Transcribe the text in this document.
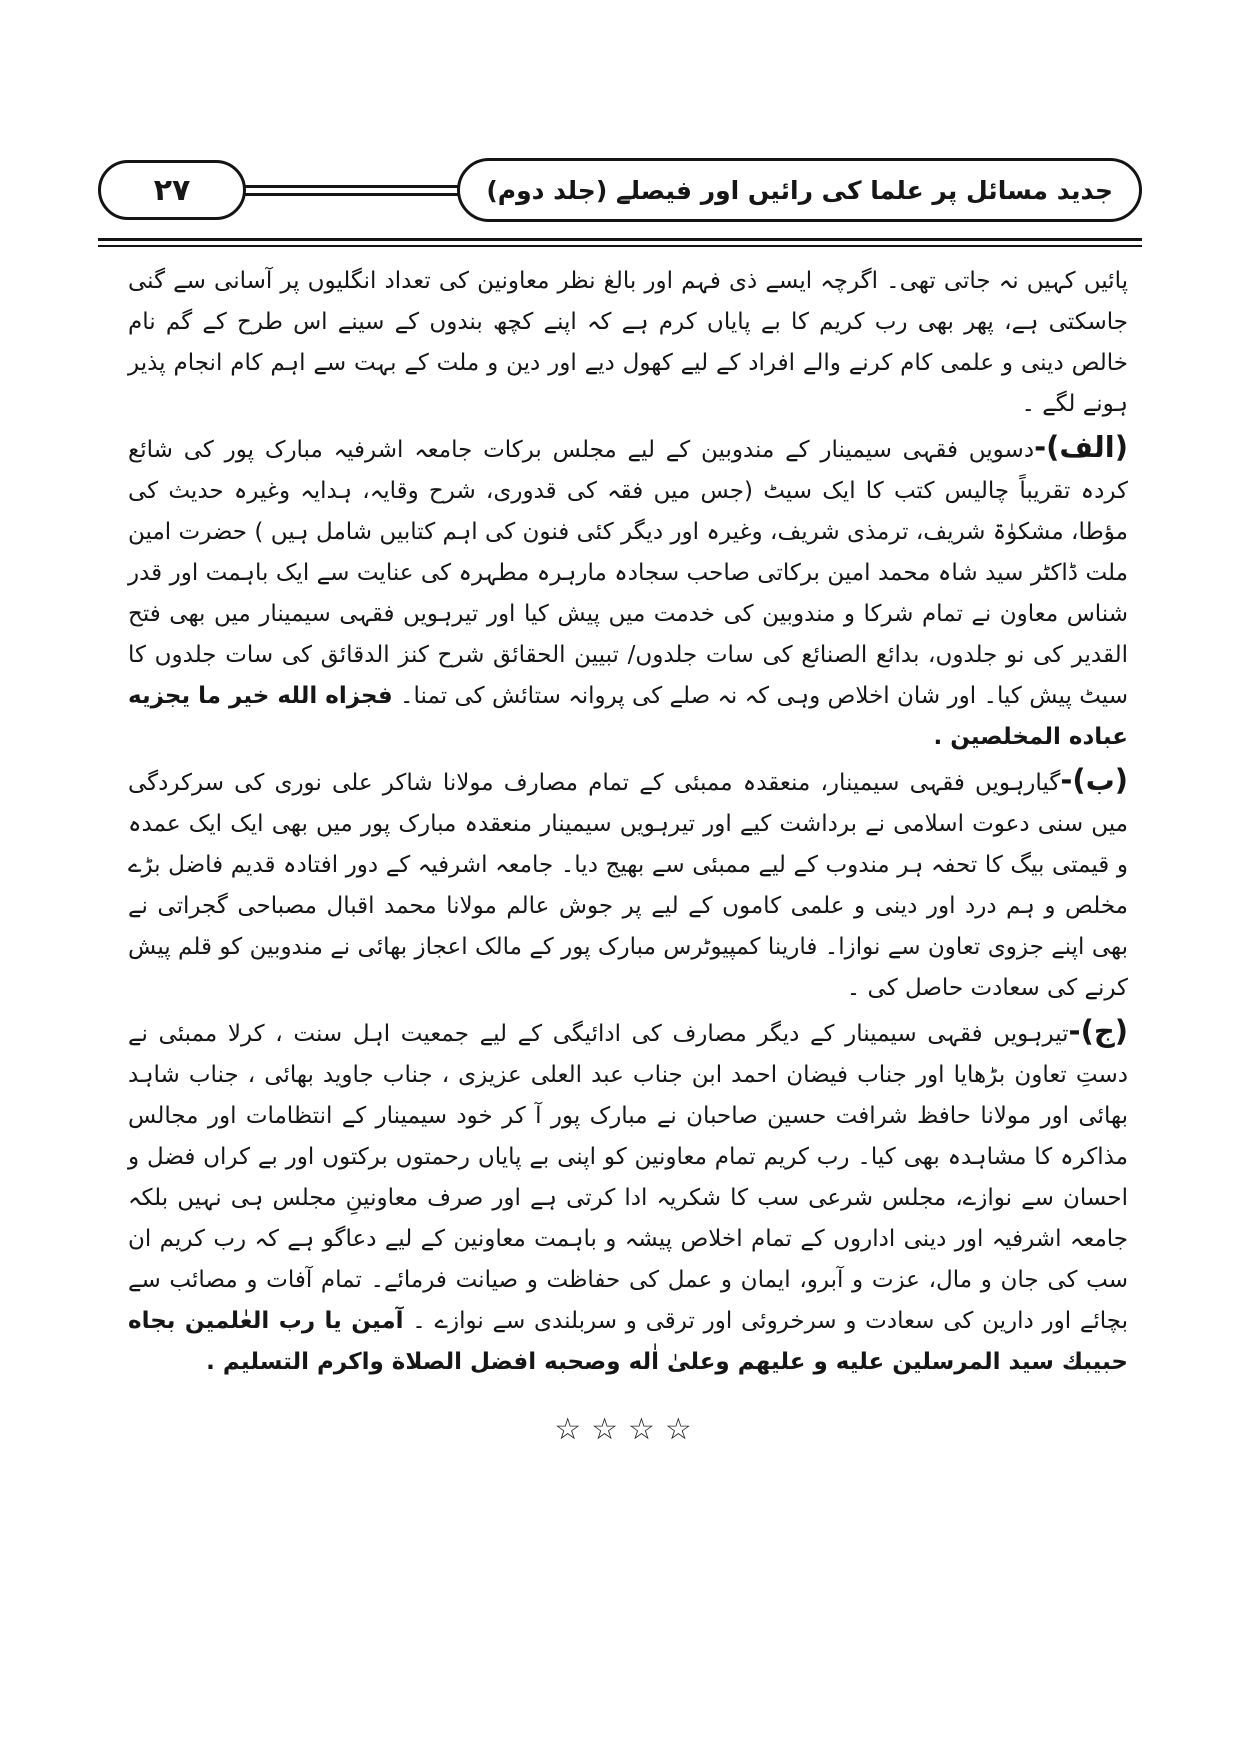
۲۷	جدید مسائل پر علما کی رائیں اور فیصلے (جلد دوم)

پائیں کہیں نہ جاتی تھی۔ اگرچہ ایسے ذی فہم اور بالغ نظر معاونین کی تعداد انگلیوں پر آسانی سے گنی جاسکتی ہے، پھر بھی رب کریم کا بے پایاں کرم ہے کہ اپنے کچھ بندوں کے سینے اس طرح کے گم نام خالص دینی و علمی کام کرنے والے افراد کے لیے کھول دیے اور دین و ملت کے بہت سے اہم کام انجام پذیر ہونے لگے ۔

(الف)-دسویں فقہی سیمینار کے مندوبین کے لیے مجلس برکات جامعہ اشرفیہ مبارک پور کی شائع کردہ تقریباً چالیس کتب کا ایک سیٹ (جس میں فقہ کی قدوری، شرح وقایہ، ہدایہ وغیرہ حدیث کی مؤطا، مشکوٰۃ شریف، ترمذی شریف، وغیرہ اور دیگر کئی فنون کی اہم کتابیں شامل ہیں ) حضرت امین ملت ڈاکٹر سید شاہ محمد امین برکاتی صاحب سجادہ مارہرہ مطہرہ کی عنایت سے ایک باہمت اور قدر شناس معاون نے تمام شرکا و مندوبین کی خدمت میں پیش کیا اور تیرہویں فقہی سیمینار میں بھی فتح القدیر کی نو جلدوں، بدائع الصنائع کی سات جلدوں/ تبیین الحقائق شرح کنز الدقائق کی سات جلدوں کا سیٹ پیش کیا۔ اور شان اخلاص وہی کہ نہ صلے کی پروانہ ستائش کی تمنا۔ فجزاه الله خير ما يجزيه عباده المخلصين .

(ب)-گیارہویں فقہی سیمینار، منعقدہ ممبئی کے تمام مصارف مولانا شاکر علی نوری کی سرکردگی میں سنی دعوت اسلامی نے برداشت کیے اور تیرہویں سیمینار منعقدہ مبارک پور میں بھی ایک ایک عمدہ و قیمتی بیگ کا تحفہ ہر مندوب کے لیے ممبئی سے بھیج دیا۔ جامعہ اشرفیہ کے دور افتادہ قدیم فاضل بڑے مخلص و ہم درد اور دینی و علمی کاموں کے لیے پر جوش عالم مولانا محمد اقبال مصباحی گجراتی نے بھی اپنے جزوی تعاون سے نوازا۔ فارینا کمپیوٹرس مبارک پور کے مالک اعجاز بھائی نے مندوبین کو قلم پیش کرنے کی سعادت حاصل کی ۔

(ج)-تیرہویں فقہی سیمینار کے دیگر مصارف کی ادائیگی کے لیے جمعیت اہل سنت ، کرلا ممبئی نے دستِ تعاون بڑھایا اور جناب فیضان احمد ابن جناب عبد العلی عزیزی ، جناب جاوید بھائی ، جناب شاہد بھائی اور مولانا حافظ شرافت حسین صاحبان نے مبارک پور آ کر خود سیمینار کے انتظامات اور مجالس مذاکرہ کا مشاہدہ بھی کیا۔ رب کریم تمام معاونین کو اپنی بے پایاں رحمتوں برکتوں اور بے کراں فضل و احسان سے نوازے، مجلس شرعی سب کا شکریہ ادا کرتی ہے اور صرف معاونینِ مجلس ہی نہیں بلکہ جامعہ اشرفیہ اور دینی اداروں کے تمام اخلاص پیشہ و باہمت معاونین کے لیے دعاگو ہے کہ رب کریم ان سب کی جان و مال، عزت و آبرو، ایمان و عمل کی حفاظت و صیانت فرمائے۔ تمام آفات و مصائب سے بچائے اور دارین کی سعادت و سرخروئی اور ترقی و سربلندی سے نوازے ۔ آمين يا رب العٰلمين بجاه حبيبك سيد المرسلين عليه و عليهم وعلىٰ اٰله وصحبه افضل الصلاة واكرم التسليم .

☆☆☆☆
